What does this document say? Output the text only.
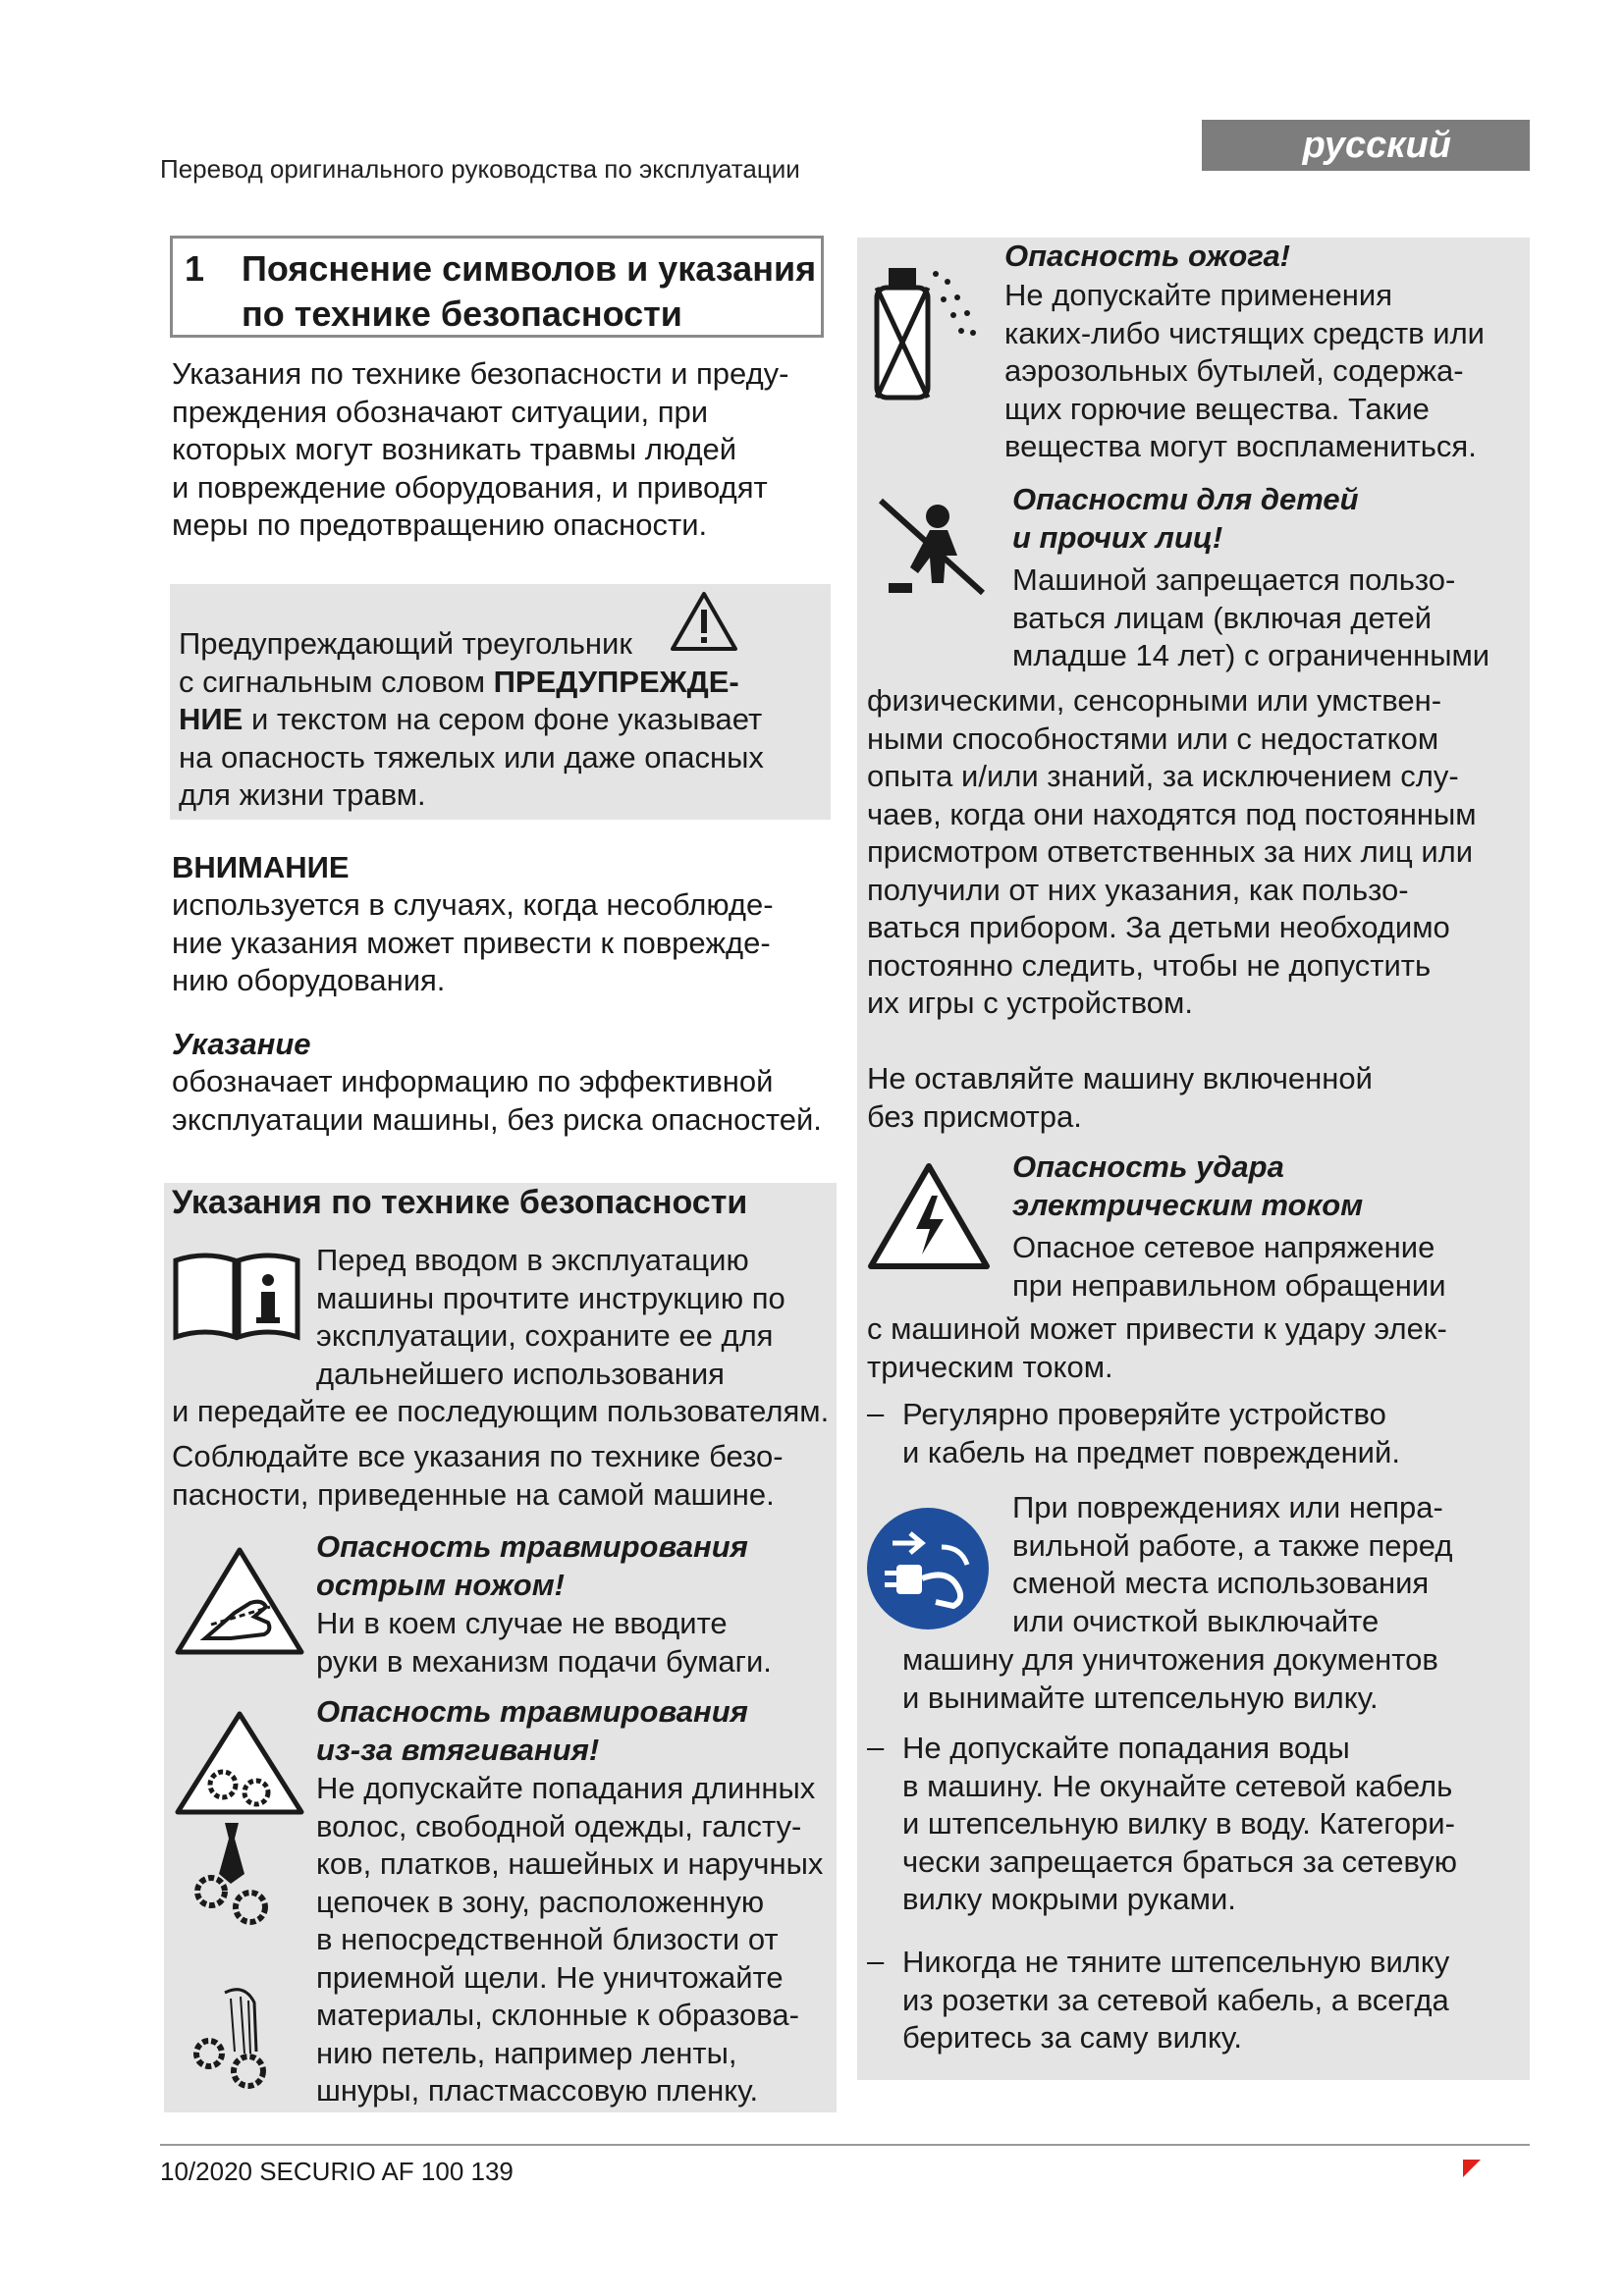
Перевод оригинального руководства по эксплуатации
русский
1 Пояснение символов и указания
по технике безопасности
Указания по технике безопасности и преду-
преждения обозначают ситуации, при
которых могут возникать травмы людей
и повреждение оборудования, и приводят
меры по предотвращению опасности.
Предупреждающий треугольник
с сигнальным словом ПРЕДУПРЕЖДЕ-
НИЕ и текстом на сером фоне указывает
на опасность тяжелых или даже опасных
для жизни травм.
ВНИМАНИЕ
используется в случаях, когда несоблюде-
ние указания может привести к поврежде-
нию оборудования.
Указание
обозначает информацию по эффективной
эксплуатации машины, без риска опасностей.
Указания по технике безопасности
Перед вводом в эксплуатацию
машины прочтите инструкцию по
эксплуатации, сохраните ее для
дальнейшего использования
и передайте ее последующим пользователям.
Соблюдайте все указания по технике безо-
пасности, приведенные на самой машине.
Опасность травмирования
острым ножом!
Ни в коем случае не вводите
руки в механизм подачи бумаги.
Опасность травмирования
из-за втягивания!
Не допускайте попадания длинных
волос, свободной одежды, галсту-
ков, платков, нашейных и наручных
цепочек в зону, расположенную
в непосредственной близости от
приемной щели. Не уничтожайте
материалы, склонные к образова-
нию петель, например ленты,
шнуры, пластмассовую пленку.
Опасность ожога!
Не допускайте применения
каких-либо чистящих средств или
аэрозольных бутылей, содержа-
щих горючие вещества. Такие
вещества могут воспламениться.
Опасности для детей
и прочих лиц!
Машиной запрещается пользо-
ваться лицам (включая детей
младше 14 лет) с ограниченными
физическими, сенсорными или умствен-
ными способностями или с недостатком
опыта и/или знаний, за исключением слу-
чаев, когда они находятся под постоянным
присмотром ответственных за них лиц или
получили от них указания, как пользо-
ваться прибором. За детьми необходимо
постоянно следить, чтобы не допустить
их игры с устройством.
Не оставляйте машину включенной
без присмотра.
Опасность удара
электрическим током
Опасное сетевое напряжение
при неправильном обращении
с машиной может привести к удару элек-
трическим током.
– Регулярно проверяйте устройство
и кабель на предмет повреждений.
При повреждениях или непра-
вильной работе, а также перед
сменой места использования
или очисткой выключайте
машину для уничтожения документов
и вынимайте штепсельную вилку.
– Не допускайте попадания воды
в машину. Не окунайте сетевой кабель
и штепсельную вилку в воду. Категори-
чески запрещается браться за сетевую
вилку мокрыми руками.
– Никогда не тяните штепсельную вилку
из розетки за сетевой кабель, а всегда
беритесь за саму вилку.
10/2020 SECURIO AF 100 139
